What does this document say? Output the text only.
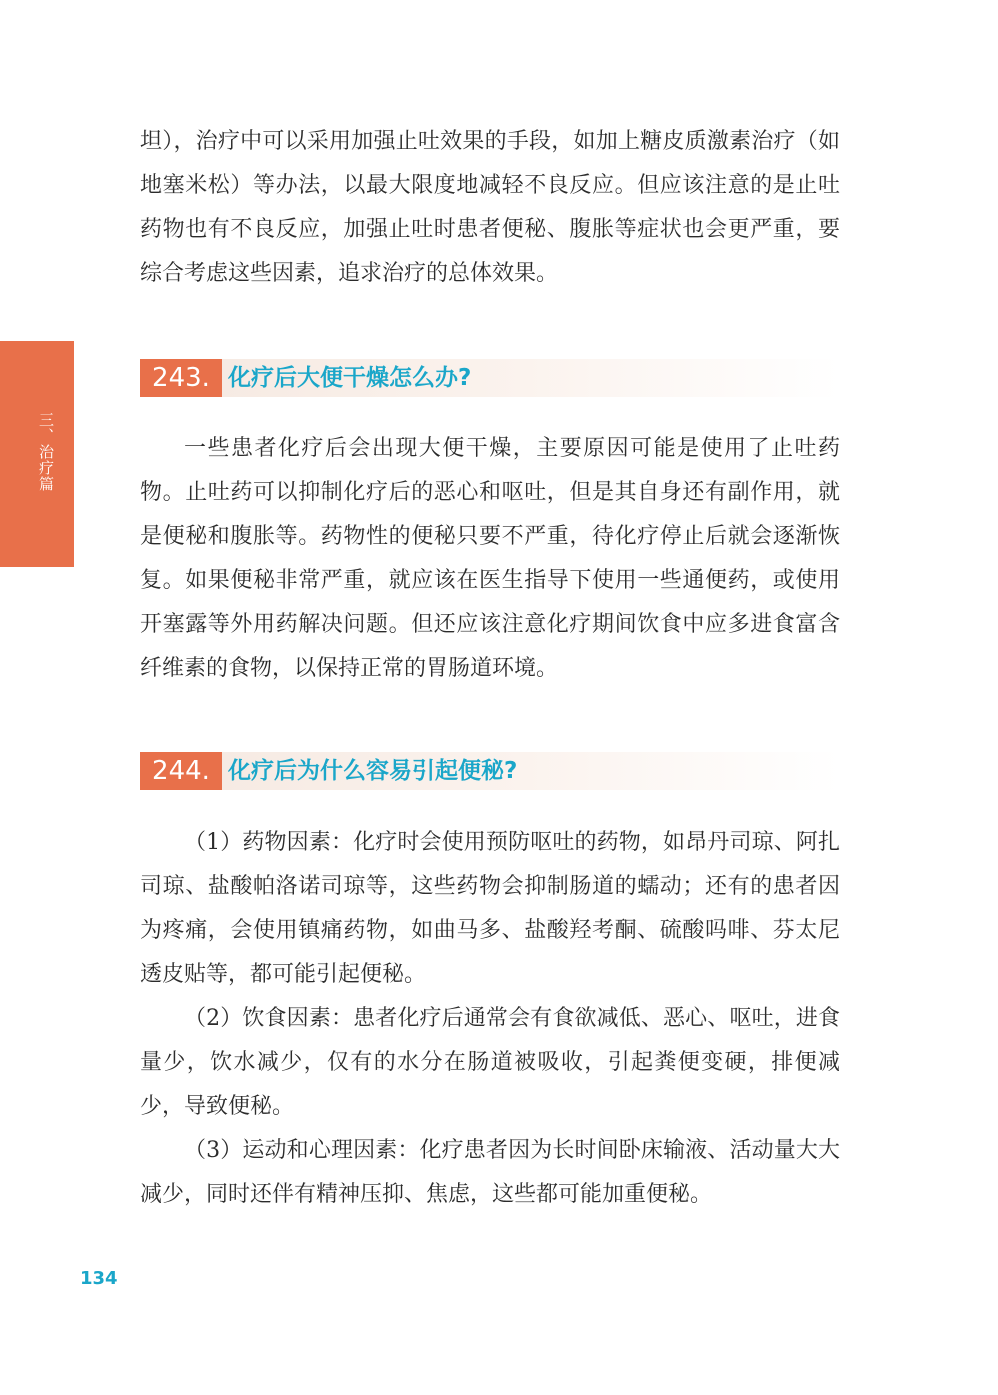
三、治疗篇

坦），治疗中可以采用加强止吐效果的手段，如加上糖皮质激素治疗（如地塞米松）等办法，以最大限度地减轻不良反应。但应该注意的是止吐药物也有不良反应，加强止吐时患者便秘、腹胀等症状也会更严重，要综合考虑这些因素，追求治疗的总体效果。

243. 化疗后大便干燥怎么办?

一些患者化疗后会出现大便干燥，主要原因可能是使用了止吐药物。止吐药可以抑制化疗后的恶心和呕吐，但是其自身还有副作用，就是便秘和腹胀等。药物性的便秘只要不严重，待化疗停止后就会逐渐恢复。如果便秘非常严重，就应该在医生指导下使用一些通便药，或使用开塞露等外用药解决问题。但还应该注意化疗期间饮食中应多进食富含纤维素的食物，以保持正常的胃肠道环境。

244. 化疗后为什么容易引起便秘?

（1）药物因素：化疗时会使用预防呕吐的药物，如昂丹司琼、阿扎司琼、盐酸帕洛诺司琼等，这些药物会抑制肠道的蠕动；还有的患者因为疼痛，会使用镇痛药物，如曲马多、盐酸羟考酮、硫酸吗啡、芬太尼透皮贴等，都可能引起便秘。

（2）饮食因素：患者化疗后通常会有食欲减低、恶心、呕吐，进食量少，饮水减少，仅有的水分在肠道被吸收，引起粪便变硬，排便减少，导致便秘。

（3）运动和心理因素：化疗患者因为长时间卧床输液、活动量大大减少，同时还伴有精神压抑、焦虑，这些都可能加重便秘。

134
